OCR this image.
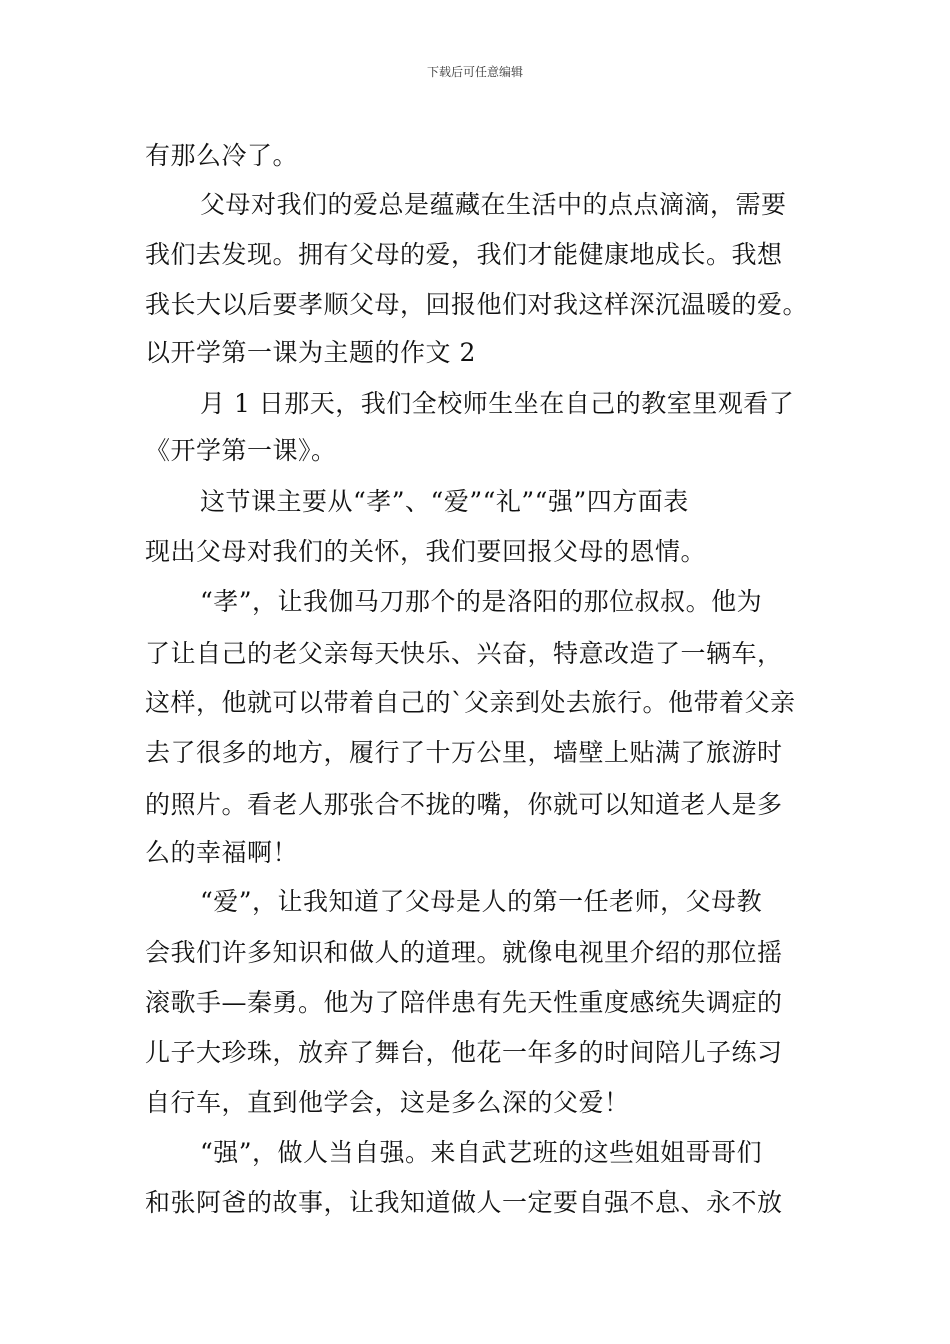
下载后可任意编辑
有那么冷了。
父母对我们的爱总是蕴藏在生活中的点点滴滴，需要
我们去发现。拥有父母的爱，我们才能健康地成长。我想
我长大以后要孝顺父母，回报他们对我这样深沉温暖的爱。
以开学第一课为主题的作文 2
月 1 日那天，我们全校师生坐在自己的教室里观看了
《开学第一课》。
这节课主要从“孝”、“爱”“礼”“强”四方面表
现出父母对我们的关怀，我们要回报父母的恩情。
“孝”，让我伽马刀那个的是洛阳的那位叔叔。他为
了让自己的老父亲每天快乐、兴奋，特意改造了一辆车，
这样，他就可以带着自己的`父亲到处去旅行。他带着父亲
去了很多的地方，履行了十万公里，墙壁上贴满了旅游时
的照片。看老人那张合不拢的嘴，你就可以知道老人是多
么的幸福啊！
“爱”，让我知道了父母是人的第一任老师，父母教
会我们许多知识和做人的道理。就像电视里介绍的那位摇
滚歌手—秦勇。他为了陪伴患有先天性重度感统失调症的
儿子大珍珠，放弃了舞台，他花一年多的时间陪儿子练习
自行车，直到他学会，这是多么深的父爱！
“强”，做人当自强。来自武艺班的这些姐姐哥哥们
和张阿爸的故事，让我知道做人一定要自强不息、永不放
